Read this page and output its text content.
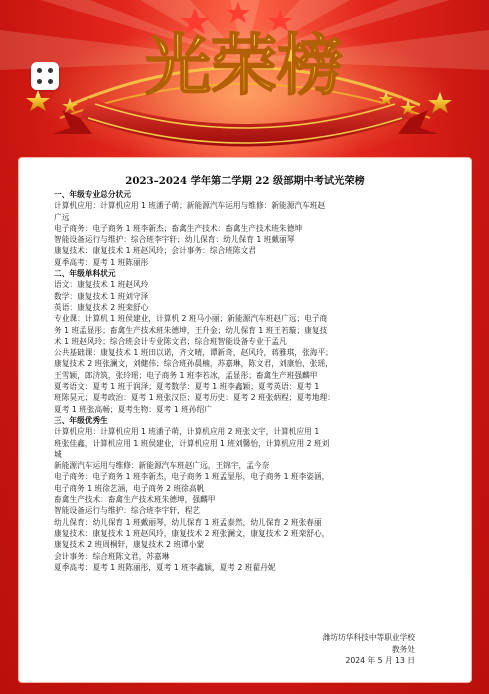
光荣榜
2023–2024 学年第二学期 22 级部期中考试光荣榜
一、年级专业总分状元
计算机应用：计算机应用 1 班潘子萌；新能源汽车运用与维修：新能源汽车班赵
广远
电子商务：电子商务 1 班李新杰；畜禽生产技术：畜禽生产技术班朱德坤
智能设备运行与维护：综合班李宇轩；幼儿保育：幼儿保育 1 班戴丽琴
康复技术：康复技术 1 班赵风玲；会计事务：综合班陈文君
夏季高考：夏考 1 班陈丽彤
二、年级单科状元
语文：康复技术 1 班赵风玲
数学：康复技术 1 班刘守泽
英语：康复技术 2 班栾舒心
专业课：计算机 1 班侯建业，计算机 2 班马小丽；新能源汽车班赵广远；电子商
务 1 班孟显彤；畜禽生产技术班朱德坤，王升金；幼儿保育 1 班王若璇；康复技
术 1 班赵风玲；综合班会计专业陈文君；综合班智能设备专业于孟凡
公共基础课：康复技术 1 班田以诺，齐文晴，谭新奇，赵风玲，蒋雅琪，张海平；
康复技术 2 班张澜文，刘健伟；综合班孙晨楠，苏嘉琳，陈文君，刘康怡，张瑶，
王雪颖，郎济筑，张玲瑶；电子商务 1 班李若冰，孟显彤；畜禽生产班强麟甲
夏考语文：夏考 1 班于润泽；夏考数学：夏考 1 班李鑫颖；夏考英语：夏考 1
班陈昊元；夏考政治：夏考 1 班张汉臣；夏考历史：夏考 2 班张炳程；夏考地理：
夏考 1 班张高畅；夏考生物：夏考 1 班孙绍广
三、年级优秀生
计算机应用：计算机应用 1 班潘子萌，计算机应用 2 班张文宇，计算机应用 1
班张佳鑫，计算机应用 1 班侯建业，计算机应用 1 班刘馨怡，计算机应用 2 班刘
城
新能源汽车运用与维修：新能源汽车班赵广远，王锦宇，孟今奈
电子商务：电子商务 1 班李新杰，电子商务 1 班孟显彤，电子商务 1 班李姿涵，
电子商务 1 班徐艺涵，电子商务 2 班徐高帆
畜禽生产技术：畜禽生产技术班朱德坤，强麟甲
智能设备运行与维护：综合班李宇轩，程艺
幼儿保育：幼儿保育 1 班戴丽琴，幼儿保育 1 班孟泰然，幼儿保育 2 班张春丽
康复技术：康复技术 1 班赵风玲，康复技术 2 班张澜文，康复技术 2 班栾舒心，
康复技术 2 班周桐轩，康复技术 2 班谭小蒙
会计事务：综合班陈文君，苏嘉琳
夏季高考：夏考 1 班陈丽彤，夏考 1 班李鑫颖，夏考 2 班翟丹妮
潍坊坊华科技中等职业学校
教务处
2024 年 5 月 13 日
